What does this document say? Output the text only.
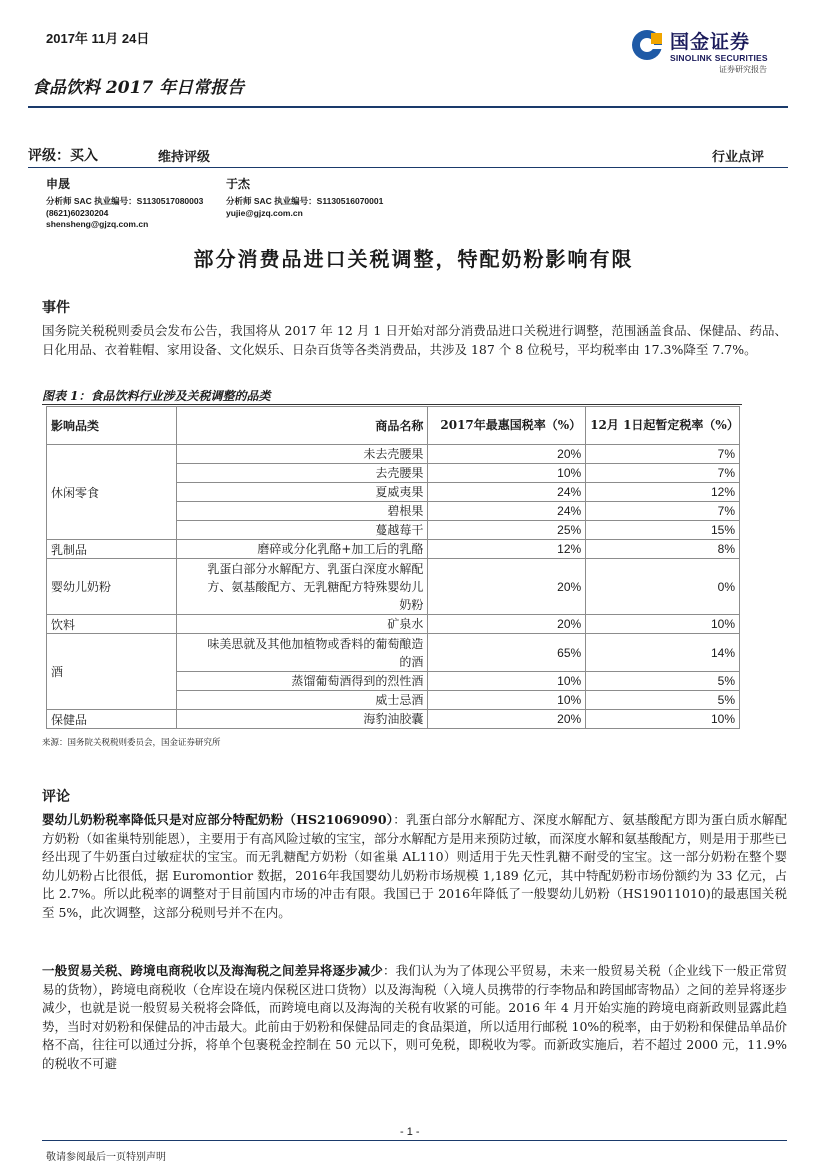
2017年 11月 24日
食品饮料 2017 年日常报告
国金证券
SINOLINK SECURITIES
证券研究报告
评级：买入	维持评级	行业点评
申晟
分析师 SAC 执业编号：S1130517080003
(8621)60230204
shensheng@gjzq.com.cn
于杰
分析师 SAC 执业编号：S1130516070001
yujie@gjzq.com.cn
部分消费品进口关税调整，特配奶粉影响有限
事件
国务院关税税则委员会发布公告，我国将从 2017 年 12 月 1 日开始对部分消费品进口关税进行调整，范围涵盖食品、保健品、药品、日化用品、衣着鞋帽、家用设备、文化娱乐、日杂百货等各类消费品，共涉及 187 个 8 位税号，平均税率由 17.3%降至 7.7%。
图表 1：食品饮料行业涉及关税调整的品类
影响品类	商品名称	2017年最惠国税率（%）	12月 1日起暂定税率（%）
休闲零食	未去壳腰果	20%	7%
	去壳腰果	10%	7%
	夏威夷果	24%	12%
	碧根果	24%	7%
	蔓越莓干	25%	15%
乳制品	磨碎或分化乳酪+加工后的乳酪	12%	8%
婴幼儿奶粉	乳蛋白部分水解配方、乳蛋白深度水解配方、氨基酸配方、无乳糖配方特殊婴幼儿奶粉	20%	0%
饮料	矿泉水	20%	10%
酒	味美思就及其他加植物或香料的葡萄酿造的酒	65%	14%
	蒸馏葡萄酒得到的烈性酒	10%	5%
	威士忌酒	10%	5%
保健品	海豹油胶囊	20%	10%
来源：国务院关税税则委员会，国金证券研究所
评论
婴幼儿奶粉税率降低只是对应部分特配奶粉（HS21069090）：乳蛋白部分水解配方、深度水解配方、氨基酸配方即为蛋白质水解配方奶粉（如雀巢特别能恩），主要用于有高风险过敏的宝宝，部分水解配方是用来预防过敏，而深度水解和氨基酸配方，则是用于那些已经出现了牛奶蛋白过敏症状的宝宝。而无乳糖配方奶粉（如雀巢 AL110）则适用于先天性乳糖不耐受的宝宝。这一部分奶粉在整个婴幼儿奶粉占比很低，据 Euromontior 数据，2016年我国婴幼儿奶粉市场规模 1,189 亿元，其中特配奶粉市场份额约为 33 亿元，占比 2.7%。所以此税率的调整对于目前国内市场的冲击有限。我国已于 2016年降低了一般婴幼儿奶粉（HS19011010)的最惠国关税至 5%，此次调整，这部分税则号并不在内。
一般贸易关税、跨境电商税收以及海淘税之间差异将逐步减少：我们认为为了体现公平贸易，未来一般贸易关税（企业线下一般正常贸易的货物），跨境电商税收（仓库设在境内保税区进口货物）以及海淘税（入境人员携带的行李物品和跨国邮寄物品）之间的差异将逐步减少，也就是说一般贸易关税将会降低，而跨境电商以及海淘的关税有收紧的可能。2016 年 4 月开始实施的跨境电商新政则显露此趋势，当时对奶粉和保健品的冲击最大。此前由于奶粉和保健品同走的食品渠道，所以适用行邮税 10%的税率，由于奶粉和保健品单品价格不高，往往可以通过分拆，将单个包裹税金控制在 50 元以下，则可免税，即税收为零。而新政实施后，若不超过 2000 元，11.9%的税收不可避
- 1 -
敬请参阅最后一页特别声明
